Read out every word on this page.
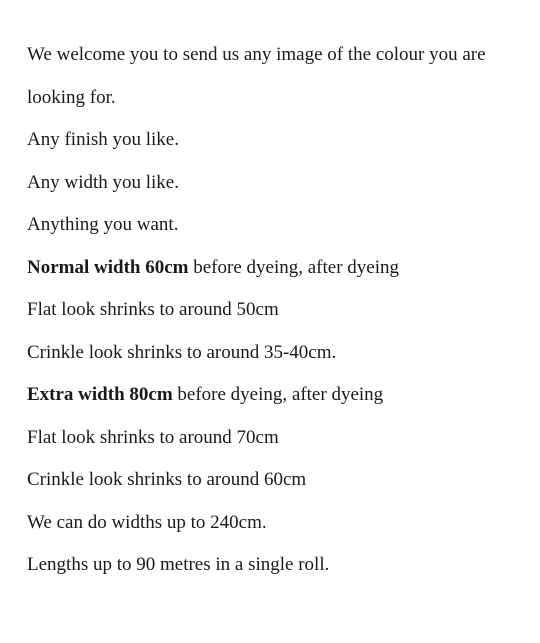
We welcome you to send us any image of the colour you are looking for.

Any finish you like.

Any width you like.

Anything you want.

Normal width 60cm before dyeing, after dyeing

Flat look shrinks to around 50cm

Crinkle look shrinks to around 35-40cm.

Extra width 80cm before dyeing, after dyeing

Flat look shrinks to around 70cm

Crinkle look shrinks to around 60cm

We can do widths up to 240cm.

Lengths up to 90 metres in a single roll.
